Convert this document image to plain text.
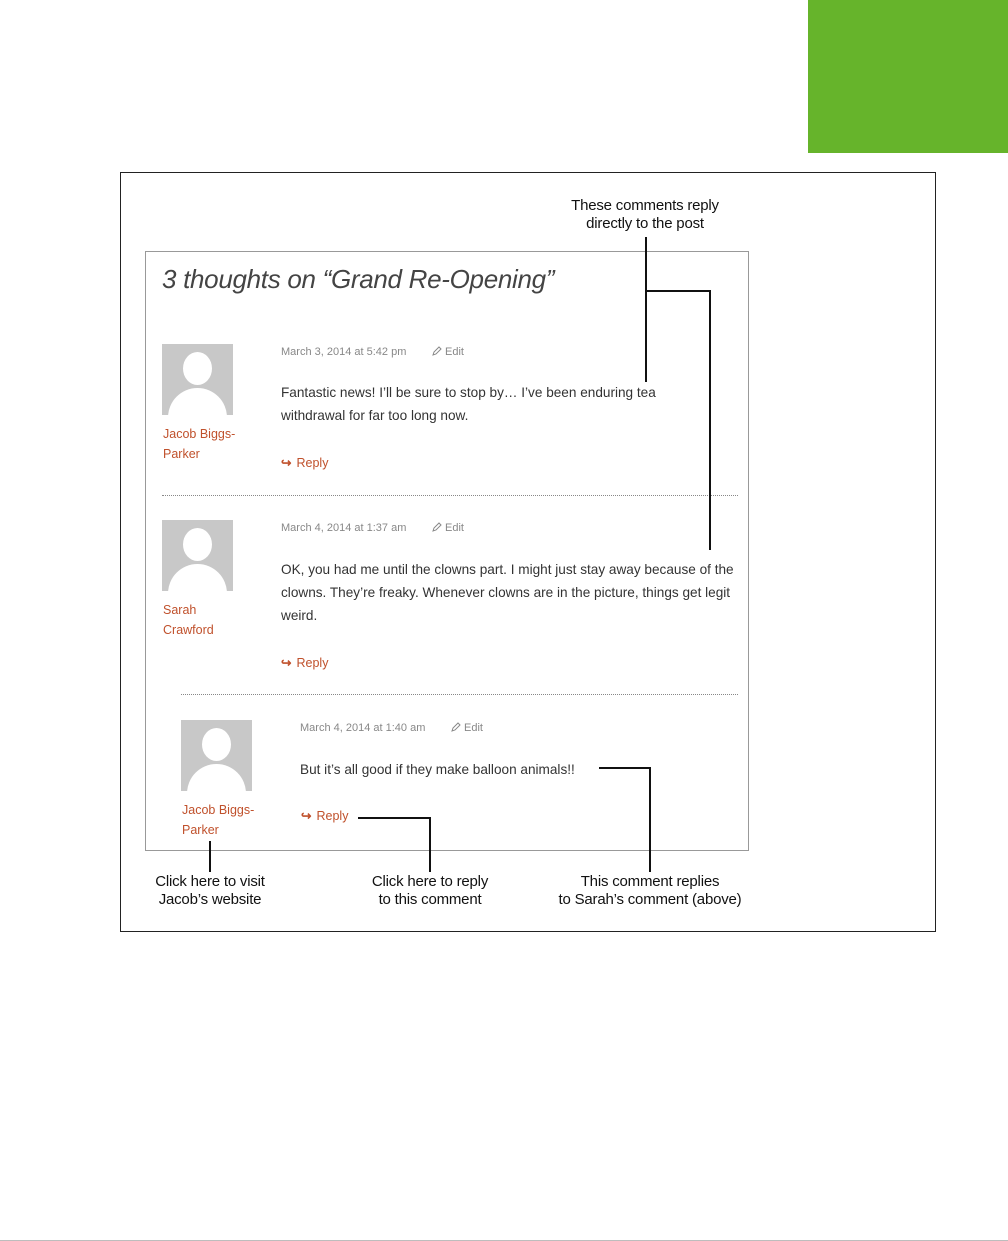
3 thoughts on “Grand Re-Opening”
Jacob Biggs-Parker
March 3, 2014 at 5:42 pm	Edit
Fantastic news! I’ll be sure to stop by… I’ve been enduring tea withdrawal for far too long now.
↪ Reply
Sarah Crawford
March 4, 2014 at 1:37 am	Edit
OK, you had me until the clowns part. I might just stay away because of the clowns. They’re freaky. Whenever clowns are in the picture, things get legit weird.
↪ Reply
Jacob Biggs-Parker
March 4, 2014 at 1:40 am	Edit
But it’s all good if they make balloon animals!!
↪ Reply
These comments reply
directly to the post
Click here to visit
Jacob’s website
Click here to reply
to this comment
This comment replies
to Sarah’s comment (above)
